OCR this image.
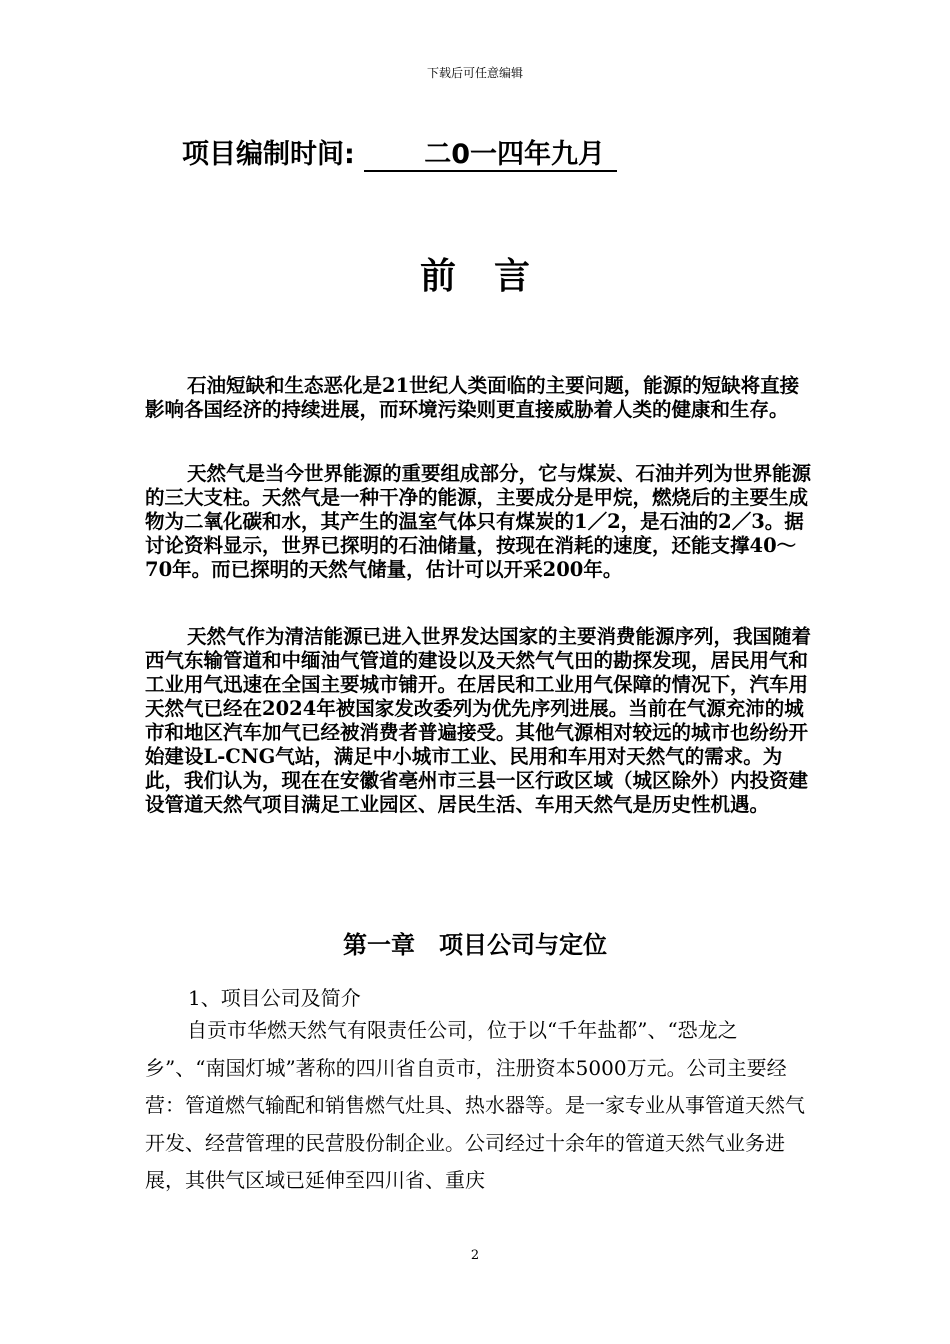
下载后可任意编辑
项目编制时间:	二0一四年九月
前言

石油短缺和生态恶化是21世纪人类面临的主要问题，能源的短缺将直接影响各国经济的持续进展，而环境污染则更直接威胁着人类的健康和生存。

天然气是当今世界能源的重要组成部分，它与煤炭、石油并列为世界能源的三大支柱。天然气是一种干净的能源，主要成分是甲烷，燃烧后的主要生成物为二氧化碳和水，其产生的温室气体只有煤炭的1／2，是石油的2／3。据讨论资料显示，世界已探明的石油储量，按现在消耗的速度，还能支撑40～70年。而已探明的天然气储量，估计可以开采200年。

天然气作为清洁能源已进入世界发达国家的主要消费能源序列，我国随着西气东输管道和中缅油气管道的建设以及天然气气田的勘探发现，居民用气和工业用气迅速在全国主要城市铺开。在居民和工业用气保障的情况下，汽车用天然气已经在2024年被国家发改委列为优先序列进展。当前在气源充沛的城市和地区汽车加气已经被消费者普遍接受。其他气源相对较远的城市也纷纷开始建设L-CNG气站，满足中小城市工业、民用和车用对天然气的需求。为此，我们认为，现在在安徽省亳州市三县一区行政区域（城区除外）内投资建设管道天然气项目满足工业园区、居民生活、车用天然气是历史性机遇。

第一章　项目公司与定位
1、项目公司及简介

自贡市华燃天然气有限责任公司，位于以“千年盐都”、“恐龙之乡”、“南国灯城”著称的四川省自贡市，注册资本5000万元。公司主要经营：管道燃气输配和销售燃气灶具、热水器等。是一家专业从事管道天然气开发、经营管理的民营股份制企业。公司经过十余年的管道天然气业务进展，其供气区域已延伸至四川省、重庆

2
